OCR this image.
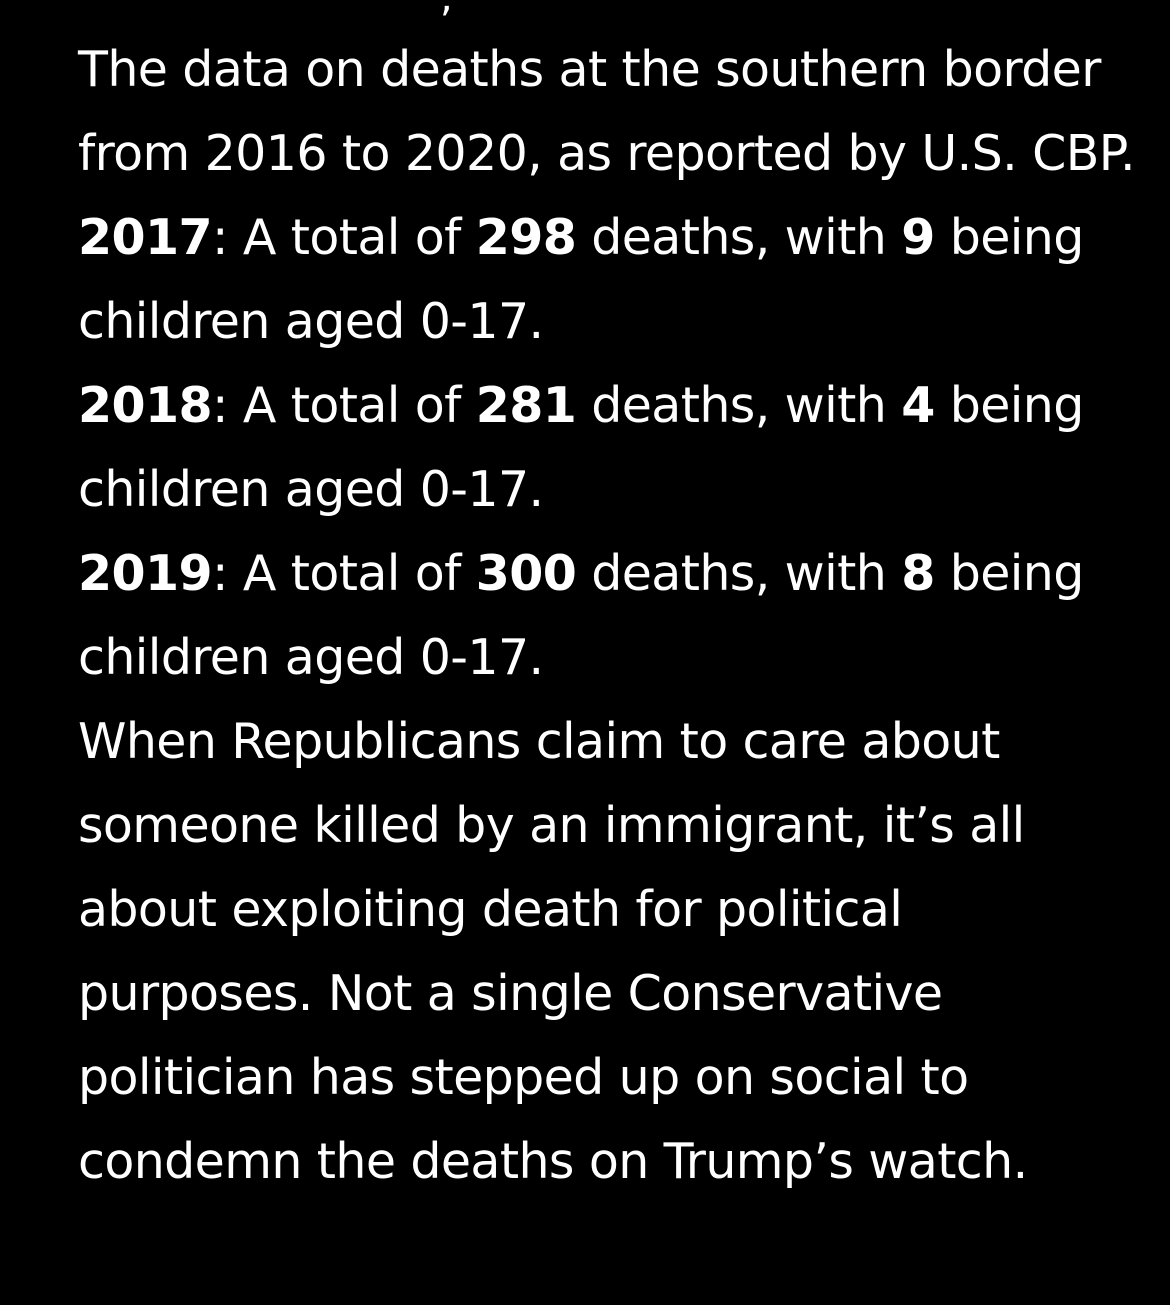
The data on deaths at the southern border from 2016 to 2020, as reported by U.S. CBP.

2017: A total of 298 deaths, with 9 being children aged 0-17.

2018: A total of 281 deaths, with 4 being children aged 0-17.

2019: A total of 300 deaths, with 8 being children aged 0-17.

When Republicans claim to care about someone killed by an immigrant, it’s all about exploiting death for political purposes. Not a single Conservative politician has stepped up on social to condemn the deaths on Trump’s watch.
